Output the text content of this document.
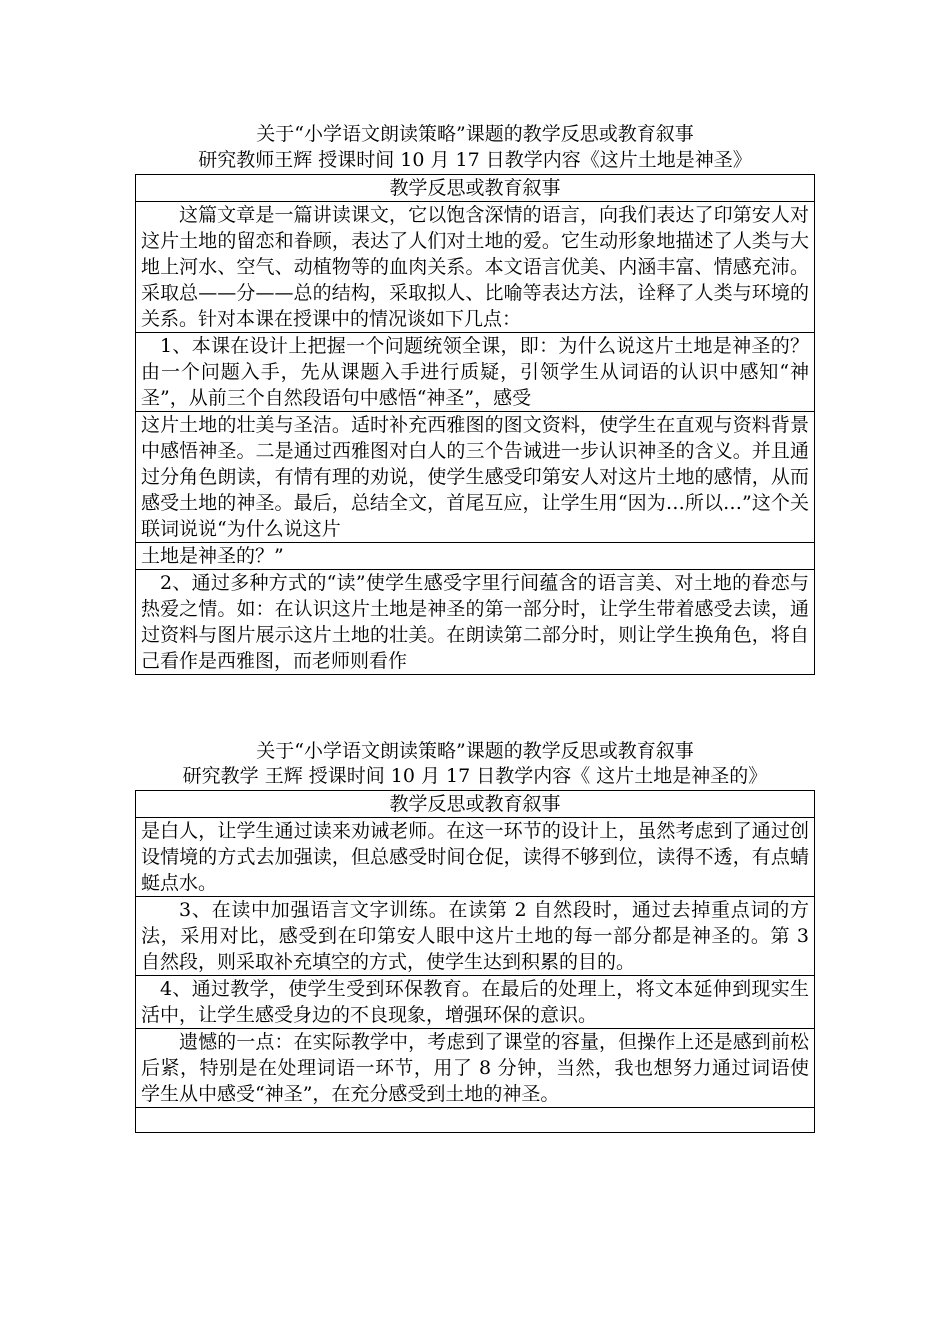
关于“小学语文朗读策略”课题的教学反思或教育叙事
研究教师王辉 授课时间 10 月 17 日教学内容《这片土地是神圣》
教学反思或教育叙事
这篇文章是一篇讲读课文，它以饱含深情的语言，向我们表达了印第安人对这片土地的留恋和眷顾，表达了人们对土地的爱。它生动形象地描述了人类与大地上河水、空气、动植物等的血肉关系。本文语言优美、内涵丰富、情感充沛。采取总——分——总的结构，采取拟人、比喻等表达方法，诠释了人类与环境的关系。针对本课在授课中的情况谈如下几点：
1、本课在设计上把握一个问题统领全课，即：为什么说这片土地是神圣的？由一个问题入手，先从课题入手进行质疑，引领学生从词语的认识中感知“神圣”，从前三个自然段语句中感悟“神圣”，感受
这片土地的壮美与圣洁。适时补充西雅图的图文资料，使学生在直观与资料背景中感悟神圣。二是通过西雅图对白人的三个告诫进一步认识神圣的含义。并且通过分角色朗读，有情有理的劝说，使学生感受印第安人对这片土地的感情，从而感受土地的神圣。最后，总结全文，首尾互应，让学生用“因为…所以…”这个关联词说说“为什么说这片
土地是神圣的？”
2、通过多种方式的“读”使学生感受字里行间蕴含的语言美、对土地的眷恋与热爱之情。如：在认识这片土地是神圣的第一部分时，让学生带着感受去读，通过资料与图片展示这片土地的壮美。在朗读第二部分时，则让学生换角色，将自己看作是西雅图，而老师则看作
关于“小学语文朗读策略”课题的教学反思或教育叙事
研究教学 王辉 授课时间 10 月 17 日教学内容《 这片土地是神圣的》
教学反思或教育叙事
是白人，让学生通过读来劝诫老师。在这一环节的设计上，虽然考虑到了通过创设情境的方式去加强读，但总感受时间仓促，读得不够到位，读得不透，有点蜻蜓点水。
3、在读中加强语言文字训练。在读第 2 自然段时，通过去掉重点词的方法，采用对比，感受到在印第安人眼中这片土地的每一部分都是神圣的。第 3 自然段，则采取补充填空的方式，使学生达到积累的目的。
4、通过教学，使学生受到环保教育。在最后的处理上，将文本延伸到现实生活中，让学生感受身边的不良现象，增强环保的意识。
遗憾的一点：在实际教学中，考虑到了课堂的容量，但操作上还是感到前松后紧，特别是在处理词语一环节，用了 8 分钟，当然，我也想努力通过词语使学生从中感受“神圣”，在充分感受到土地的神圣。
